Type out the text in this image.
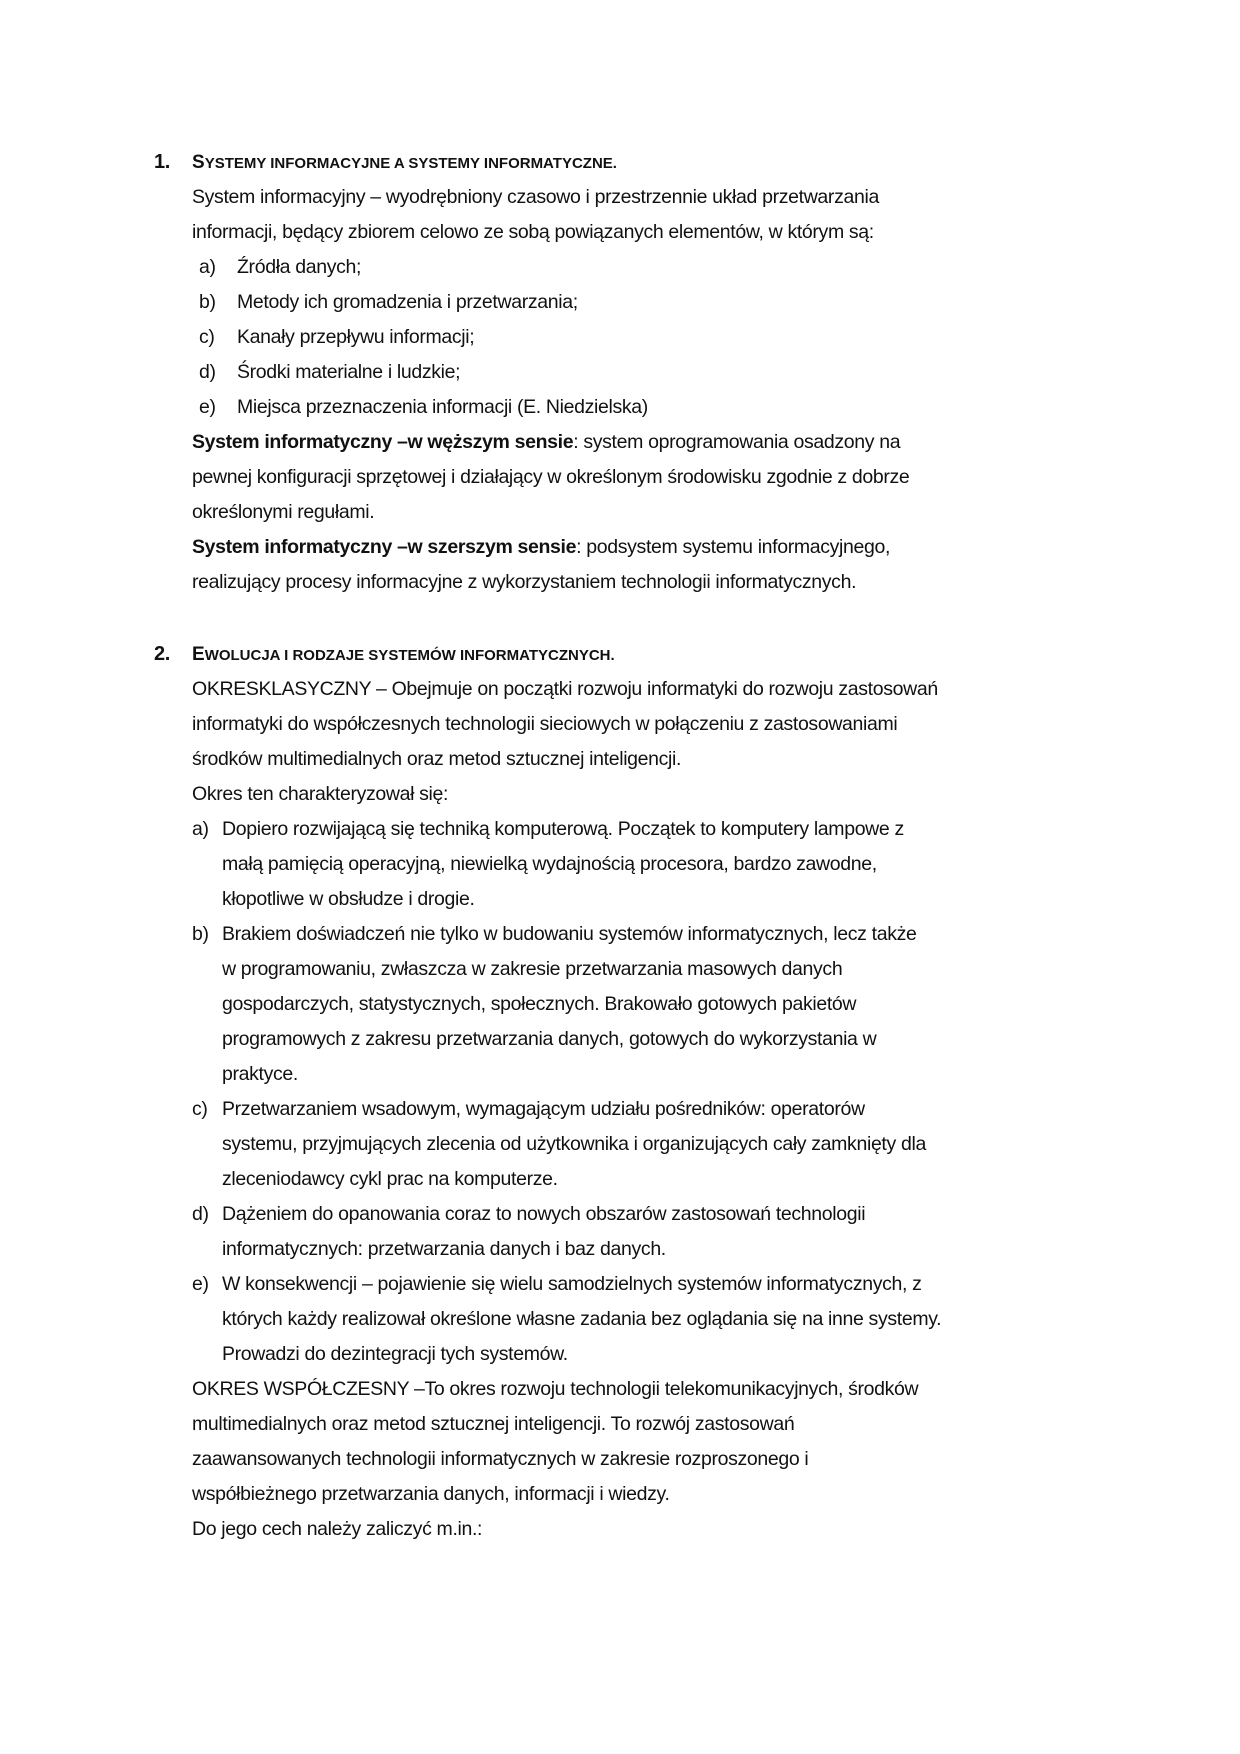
1. SYSTEMY INFORMACYJNE A SYSTEMY INFORMATYCZNE.
System informacyjny – wyodrębniony czasowo i przestrzennie układ przetwarzania
informacji, będący zbiorem celowo ze sobą powiązanych elementów, w którym są:
a) Źródła danych;
b) Metody ich gromadzenia i przetwarzania;
c) Kanały przepływu informacji;
d) Środki materialne i ludzkie;
e) Miejsca przeznaczenia informacji (E. Niedzielska)
System informatyczny –w węższym sensie: system oprogramowania osadzony na
pewnej konfiguracji sprzętowej i działający w określonym środowisku zgodnie z dobrze
określonymi regułami.
System informatyczny –w szerszym sensie: podsystem systemu informacyjnego,
realizujący procesy informacyjne z wykorzystaniem technologii informatycznych.
2. EWOLUCJA I RODZAJE SYSTEMÓW INFORMATYCZNYCH.
OKRESKLASYCZNY – Obejmuje on początki rozwoju informatyki do rozwoju zastosowań
informatyki do współczesnych technologii sieciowych w połączeniu z zastosowaniami
środków multimedialnych oraz metod sztucznej inteligencji.
Okres ten charakteryzował się:
a) Dopiero rozwijającą się techniką komputerową. Początek to komputery lampowe z
małą pamięcią operacyjną, niewielką wydajnością procesora, bardzo zawodne,
kłopotliwe w obsłudze i drogie.
b) Brakiem doświadczeń nie tylko w budowaniu systemów informatycznych, lecz także
w programowaniu, zwłaszcza w zakresie przetwarzania masowych danych
gospodarczych, statystycznych, społecznych. Brakowało gotowych pakietów
programowych z zakresu przetwarzania danych, gotowych do wykorzystania w
praktyce.
c) Przetwarzaniem wsadowym, wymagającym udziału pośredników: operatorów
systemu, przyjmujących zlecenia od użytkownika i organizujących cały zamknięty dla
zleceniodawcy cykl prac na komputerze.
d) Dążeniem do opanowania coraz to nowych obszarów zastosowań technologii
informatycznych: przetwarzania danych i baz danych.
e) W konsekwencji – pojawienie się wielu samodzielnych systemów informatycznych, z
których każdy realizował określone własne zadania bez oglądania się na inne systemy.
Prowadzi do dezintegracji tych systemów.
OKRES WSPÓŁCZESNY –To okres rozwoju technologii telekomunikacyjnych, środków
multimedialnych oraz metod sztucznej inteligencji. To rozwój zastosowań
zaawansowanych technologii informatycznych w zakresie rozproszonego i
współbieżnego przetwarzania danych, informacji i wiedzy.
Do jego cech należy zaliczyć m.in.:
